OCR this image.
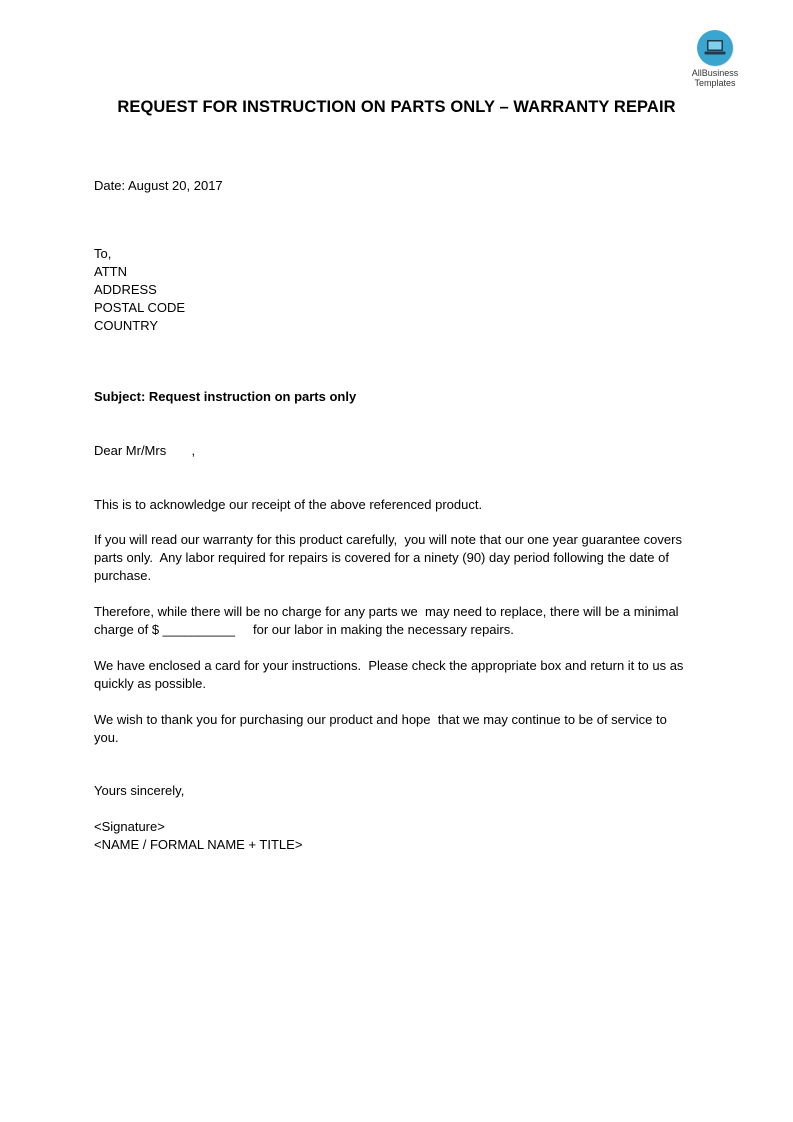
AllBusiness
Templates
REQUEST FOR INSTRUCTION ON PARTS ONLY – WARRANTY REPAIR
Date: August 20, 2017
To,
ATTN
ADDRESS
POSTAL CODE
COUNTRY
Subject: Request instruction on parts only
Dear Mr/Mrs       ,
This is to acknowledge our receipt of the above referenced product.
If you will read our warranty for this product carefully,  you will note that our one year guarantee covers parts only.  Any labor required for repairs is covered for a ninety (90) day period following the date of purchase.
Therefore, while there will be no charge for any parts we  may need to replace, there will be a minimal charge of $ __________     for our labor in making the necessary repairs.
We have enclosed a card for your instructions.  Please check the appropriate box and return it to us as quickly as possible.
We wish to thank you for purchasing our product and hope  that we may continue to be of service to you.
Yours sincerely,
<Signature>
<NAME / FORMAL NAME + TITLE>
